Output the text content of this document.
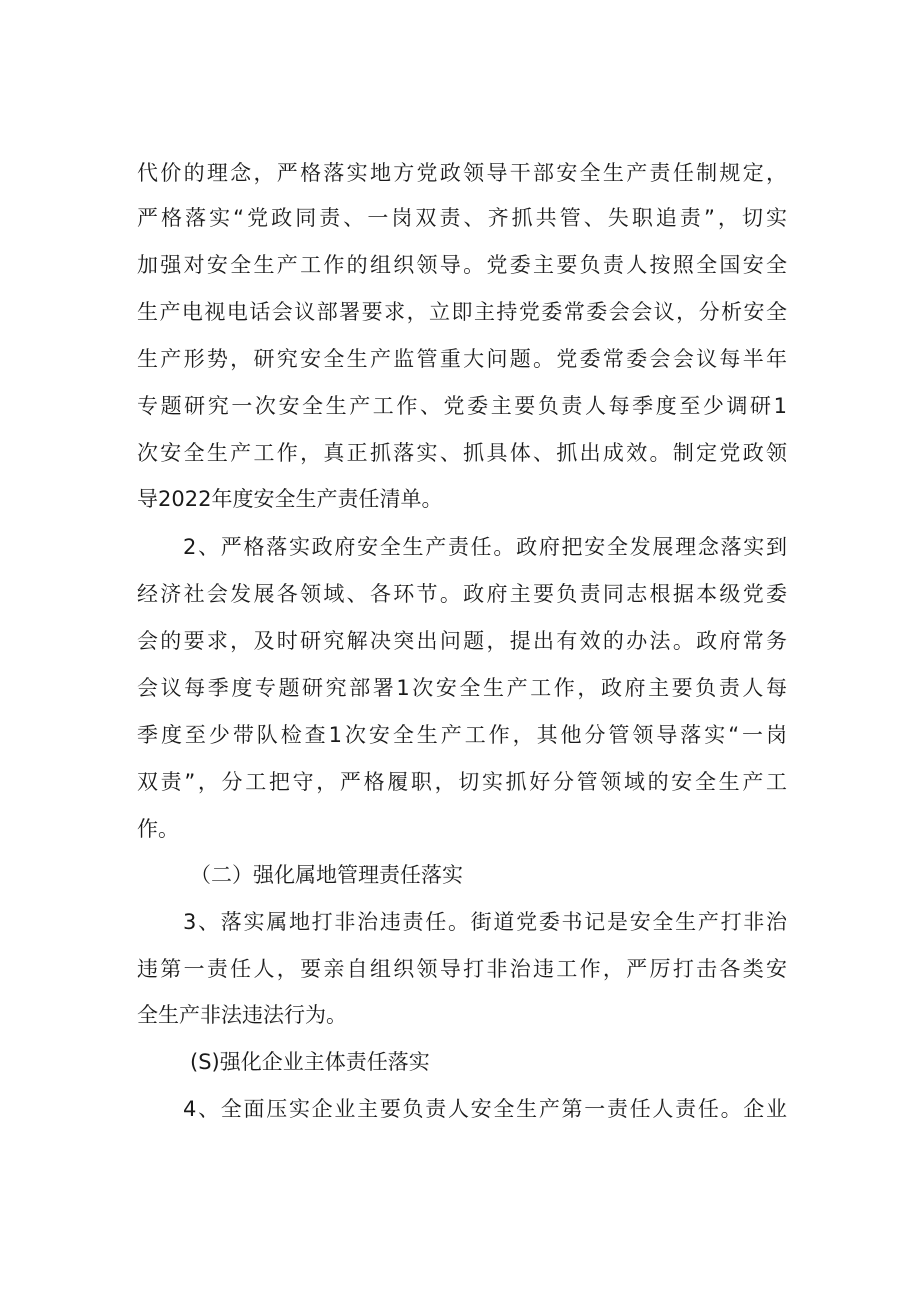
代价的理念，严格落实地方党政领导干部安全生产责任制规定，
严格落实“党政同责、一岗双责、齐抓共管、失职追责”，切实
加强对安全生产工作的组织领导。党委主要负责人按照全国安全
生产电视电话会议部署要求，立即主持党委常委会会议，分析安全
生产形势，研究安全生产监管重大问题。党委常委会会议每半年
专题研究一次安全生产工作、党委主要负责人每季度至少调研1
次安全生产工作，真正抓落实、抓具体、抓出成效。制定党政领
导2022年度安全生产责任清单。
2、严格落实政府安全生产责任。政府把安全发展理念落实到
经济社会发展各领域、各环节。政府主要负责同志根据本级党委
会的要求，及时研究解决突出问题，提出有效的办法。政府常务
会议每季度专题研究部署1次安全生产工作，政府主要负责人每
季度至少带队检查1次安全生产工作，其他分管领导落实“一岗
双责”，分工把守，严格履职，切实抓好分管领域的安全生产工
作。
（二）强化属地管理责任落实
3、落实属地打非治违责任。街道党委书记是安全生产打非治
违第一责任人，要亲自组织领导打非治违工作，严厉打击各类安
全生产非法违法行为。
(S)强化企业主体责任落实
4、全面压实企业主要负责人安全生产第一责任人责任。企业
